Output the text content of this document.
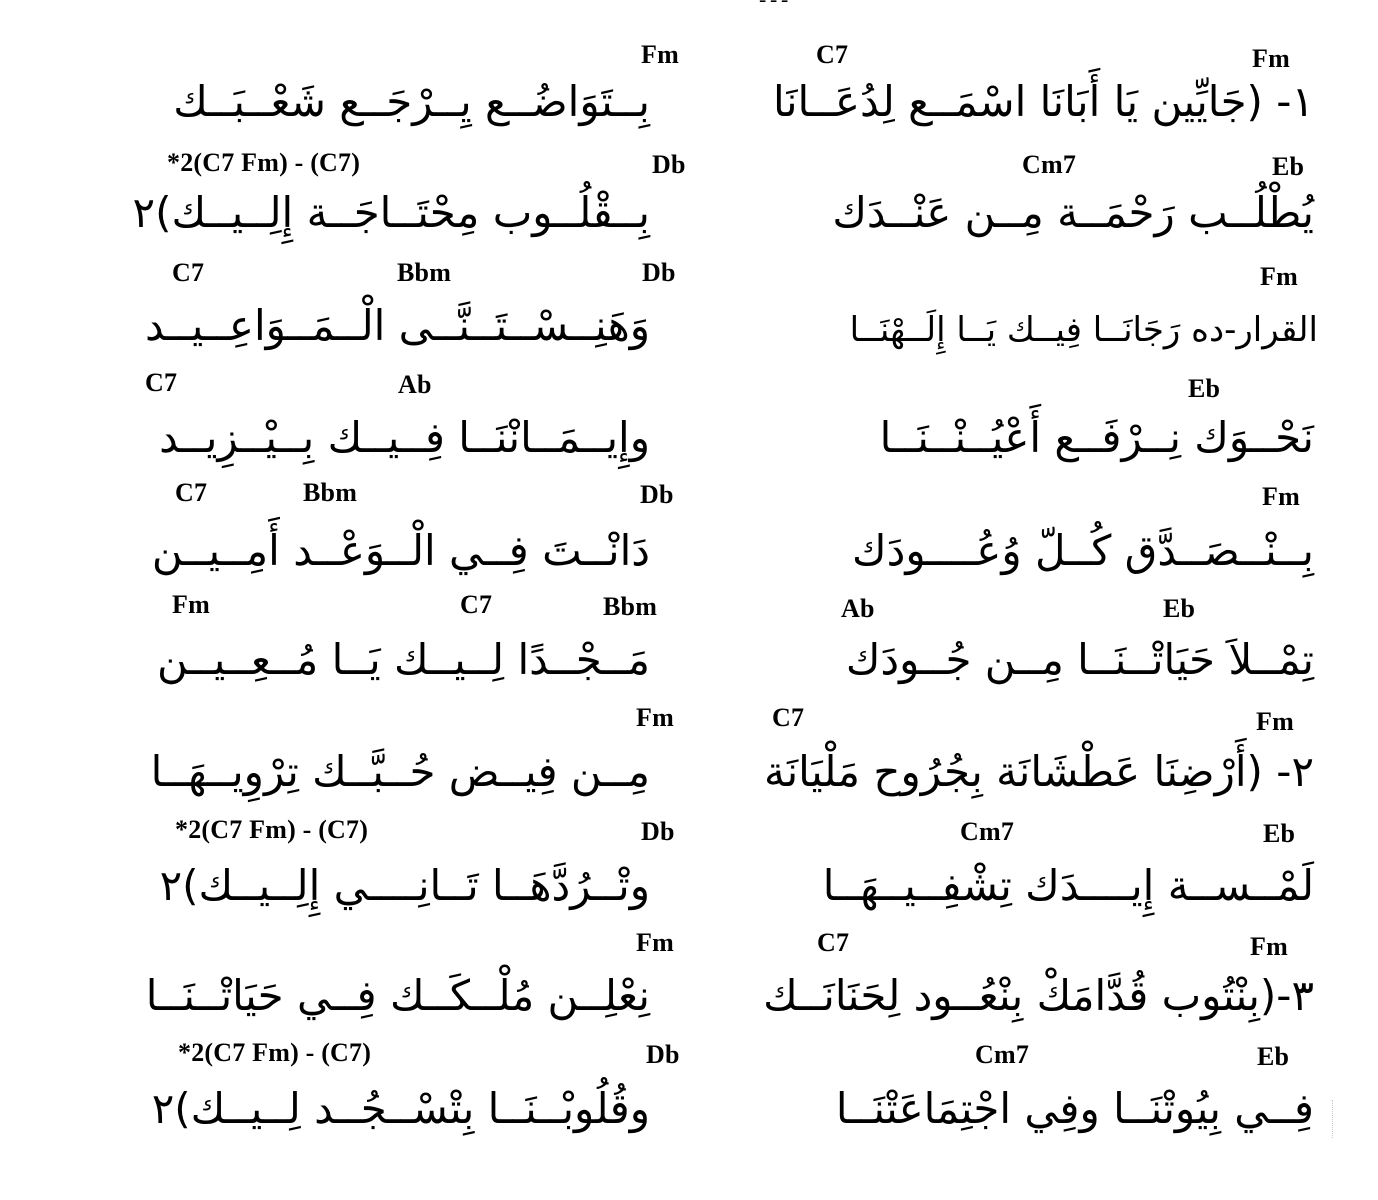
Fm	C7	Fm
بِــتَوَاضُــع يِــرْجَــع شَعْــبَــك	١- (جَايِّين يَا أَبَانَا اسْمَــع لِدُعَــانَا
*2(C7 Fm) - (C7)	Db	Cm7	Eb
بِــقْلُــوب مِحْتَــاجَــة إِلِــيــك)٢	يُطْلُــب رَحْمَــة مِــن عَنْــدَك
C7	Bbm	Db	Fm
وَهَنِــسْــتَــنَّــى الْــمَــوَاعِــيــد	القرار-ده رَجَانَــا فِيــك يَــا إِلَــهْنَــا
C7	Ab	Eb
وإِيــمَــانْنَــا فِــيــك بِــيْــزِيــد	نَحْــوَك نِــرْفَــع أَعْيُــنْــنَــا
C7	Bbm	Db	Fm
دَانْــتَ فِــي الْــوَعْــد أَمِــيــن	بِــنْــصَــدَّق كُــلّ وُعُــــودَك
Fm	C7	Bbm	Ab	Eb
مَــجْــدًا لِــيــك يَــا مُــعِــيــن	تِمْــلاَ حَيَاتْــنَــا مِــن جُــودَك
Fm	C7	Fm
مِــن فِيــض حُــبَّــك تِرْوِيــهَــا	٢- (أَرْضِنَا عَطْشَانَة بِجُرُوح مَلْيَانَة
*2(C7 Fm) - (C7)	Db	Cm7	Eb
وتْــرُدَّهَــا تَــانِــــي إِلِــيــك)٢	لَمْــســة إِيــــدَك تِشْفِــيــهَــا
Fm	C7	Fm
نِعْلِــن مُلْــكَــك فِــي حَيَاتْــنَــا	٣-(بِنْتُوب قُدَّامَكْ بِنْعُــود لِحَنَانَــك
*2(C7 Fm) - (C7)	Db	Cm7	Eb
وقُلُوبْــنَــا بِتْسْــجُــد لِــيــك)٢	فِــي بِيُوتْنَــا وفِي اجْتِمَاعَتْنَــا
